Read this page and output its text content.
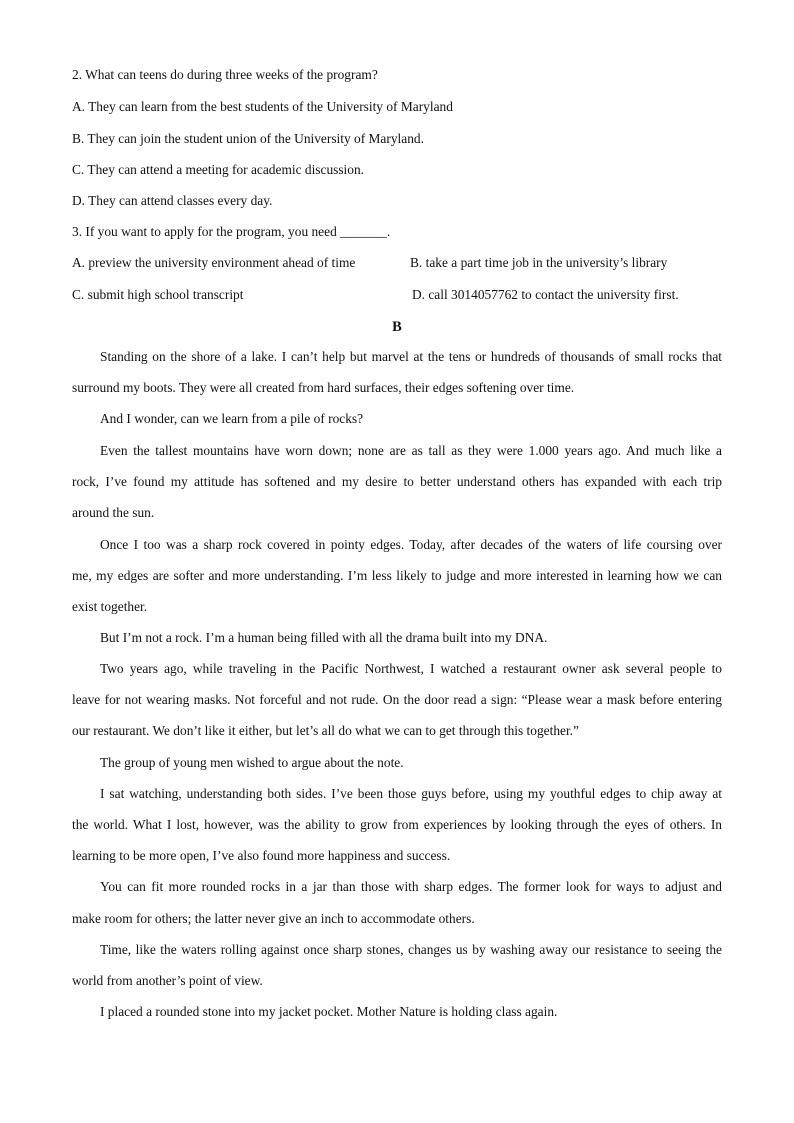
2. What can teens do during three weeks of the program?
A. They can learn from the best students of the University of Maryland
B. They can join the student union of the University of Maryland.
C. They can attend a meeting for academic discussion.
D. They can attend classes every day.
3. If you want to apply for the program, you need _______.
A. preview the university environment ahead of time	B. take a part time job in the university’s library
C. submit high school transcript	D. call 3014057762 to contact the university first.
B
Standing on the shore of a lake. I can’t help but marvel at the tens or hundreds of thousands of small rocks that
surround my boots. They were all created from hard surfaces, their edges softening over time.
And I wonder, can we learn from a pile of rocks?
Even the tallest mountains have worn down; none are as tall as they were 1.000 years ago. And much like a
rock, I’ve found my attitude has softened and my desire to better understand others has expanded with each trip
around the sun.
Once I too was a sharp rock covered in pointy edges. Today, after decades of the waters of life coursing over
me, my edges are softer and more understanding. I’m less likely to judge and more interested in learning how we can
exist together.
But I’m not a rock. I’m a human being filled with all the drama built into my DNA.
Two years ago, while traveling in the Pacific Northwest, I watched a restaurant owner ask several people to
leave for not wearing masks. Not forceful and not rude. On the door read a sign: “Please wear a mask before entering
our restaurant. We don’t like it either, but let’s all do what we can to get through this together.”
The group of young men wished to argue about the note.
I sat watching, understanding both sides. I’ve been those guys before, using my youthful edges to chip away at
the world. What I lost, however, was the ability to grow from experiences by looking through the eyes of others. In
learning to be more open, I’ve also found more happiness and success.
You can fit more rounded rocks in a jar than those with sharp edges. The former look for ways to adjust and
make room for others; the latter never give an inch to accommodate others.
Time, like the waters rolling against once sharp stones, changes us by washing away our resistance to seeing the
world from another’s point of view.
I placed a rounded stone into my jacket pocket. Mother Nature is holding class again.
